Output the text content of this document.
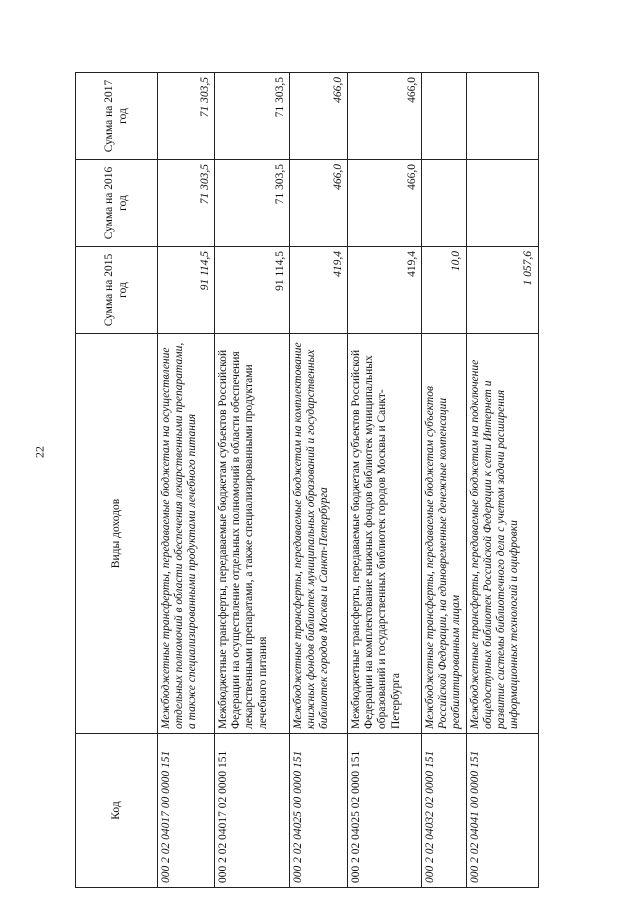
22
Код	Виды доходов	Сумма на 2015 год	Сумма на 2016 год	Сумма на 2017 год
000 2 02 04017 00 0000 151	Межбюджетные трансферты, передаваемые бюджетам на осуществление отдельных полномочий в области обеспечения лекарственными препаратами, а также специализированными продуктами лечебного питания	91 114,5	71 303,5	71 303,5
000 2 02 04017 02 0000 151	Межбюджетные трансферты, передаваемые бюджетам субъектов Российской Федерации на осуществление отдельных полномочий в области обеспечения лекарственными препаратами, а также специализированными продуктами лечебного питания	91 114,5	71 303,5	71 303,5
000 2 02 04025 00 0000 151	Межбюджетные трансферты, передаваемые бюджетам на комплектование книжных фондов библиотек муниципальных образований и государственных библиотек городов Москвы и Санкт-Петербурга	419,4	466,0	466,0
000 2 02 04025 02 0000 151	Межбюджетные трансферты, передаваемые бюджетам субъектов Российской Федерации на комплектование книжных фондов библиотек муниципальных образований и государственных библиотек городов Москвы и Санкт-Петербурга	419,4	466,0	466,0
000 2 02 04032 02 0000 151	Межбюджетные трансферты, передаваемые бюджетам субъектов Российской Федерации, на единовременные денежные компенсации реабилитированным лицам	10,0		
000 2 02 04041 00 0000 151	Межбюджетные трансферты, передаваемые бюджетам на подключение общедоступных библиотек Российской Федерации к сети Интернет и развитие системы библиотечного дела с учетом задачи расширения информационных технологий и оцифровки	1 057,6		
